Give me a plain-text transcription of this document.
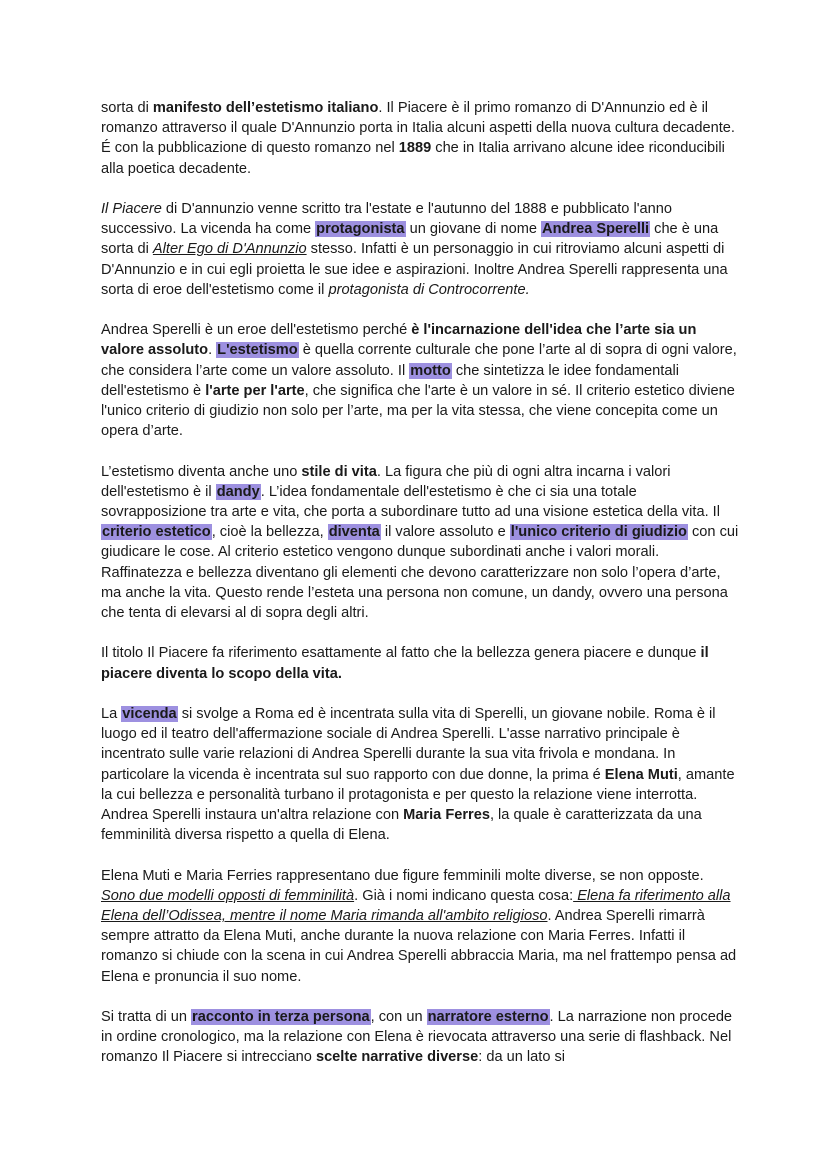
sorta di manifesto dell’estetismo italiano. Il Piacere è il primo romanzo di D'Annunzio ed è il romanzo attraverso il quale D'Annunzio porta in Italia alcuni aspetti della nuova cultura decadente. É con la pubblicazione di questo romanzo nel 1889 che in Italia arrivano alcune idee riconducibili alla poetica decadente.

Il Piacere di D'annunzio venne scritto tra l'estate e l'autunno del 1888 e pubblicato l'anno successivo. La vicenda ha come protagonista un giovane di nome Andrea Sperelli che è una sorta di Alter Ego di D'Annunzio stesso. Infatti è un personaggio in cui ritroviamo alcuni aspetti di D'Annunzio e in cui egli proietta le sue idee e aspirazioni. Inoltre Andrea Sperelli rappresenta una sorta di eroe dell'estetismo come il protagonista di Controcorrente.

Andrea Sperelli è un eroe dell'estetismo perché è l'incarnazione dell'idea che l’arte sia un valore assoluto. L'estetismo è quella corrente culturale che pone l’arte al di sopra di ogni valore, che considera l’arte come un valore assoluto. Il motto che sintetizza le idee fondamentali dell'estetismo è l'arte per l'arte, che significa che l'arte è un valore in sé. Il criterio estetico diviene l'unico criterio di giudizio non solo per l’arte, ma per la vita stessa, che viene concepita come un opera d’arte.

L’estetismo diventa anche uno stile di vita. La figura che più di ogni altra incarna i valori dell'estetismo è il dandy. L’idea fondamentale dell'estetismo è che ci sia una totale sovrapposizione tra arte e vita, che porta a subordinare tutto ad una visione estetica della vita. Il criterio estetico, cioè la bellezza, diventa il valore assoluto e l'unico criterio di giudizio con cui giudicare le cose. Al criterio estetico vengono dunque subordinati anche i valori morali. Raffinatezza e bellezza diventano gli elementi che devono caratterizzare non solo l’opera d’arte, ma anche la vita. Questo rende l’esteta una persona non comune, un dandy, ovvero una persona che tenta di elevarsi al di sopra degli altri.

Il titolo Il Piacere fa riferimento esattamente al fatto che la bellezza genera piacere e dunque il piacere diventa lo scopo della vita.

La vicenda si svolge a Roma ed è incentrata sulla vita di Sperelli, un giovane nobile. Roma è il luogo ed il teatro dell'affermazione sociale di Andrea Sperelli. L'asse narrativo principale è incentrato sulle varie relazioni di Andrea Sperelli durante la sua vita frivola e mondana. In particolare la vicenda è incentrata sul suo rapporto con due donne, la prima é Elena Muti, amante la cui bellezza e personalità turbano il protagonista e per questo la relazione viene interrotta. Andrea Sperelli instaura un'altra relazione con Maria Ferres, la quale è caratterizzata da una femminilità diversa rispetto a quella di Elena.

Elena Muti e Maria Ferries rappresentano due figure femminili molte diverse, se non opposte. Sono due modelli opposti di femminilità. Già i nomi indicano questa cosa: Elena fa riferimento alla Elena dell’Odissea, mentre il nome Maria rimanda all'ambito religioso. Andrea Sperelli rimarrà sempre attratto da Elena Muti, anche durante la nuova relazione con Maria Ferres. Infatti il romanzo si chiude con la scena in cui Andrea Sperelli abbraccia Maria, ma nel frattempo pensa ad Elena e pronuncia il suo nome.

Si tratta di un racconto in terza persona, con un narratore esterno. La narrazione non procede in ordine cronologico, ma la relazione con Elena è rievocata attraverso una serie di flashback. Nel romanzo Il Piacere si intrecciano scelte narrative diverse: da un lato si
